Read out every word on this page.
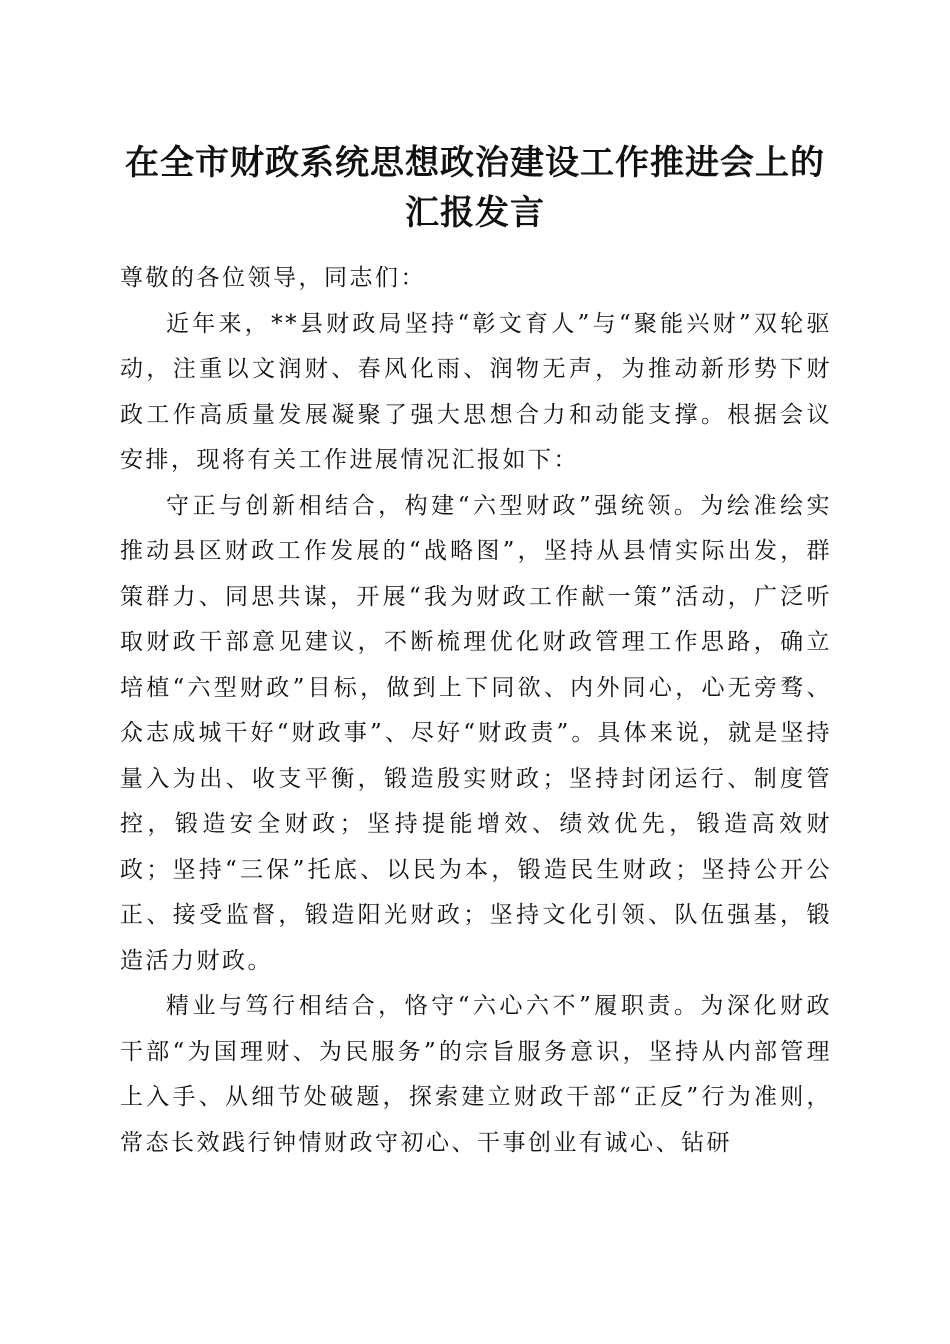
在全市财政系统思想政治建设工作推进会上的
汇报发言

尊敬的各位领导，同志们：

近年来，**县财政局坚持“彰文育人”与“聚能兴财”双轮驱动，注重以文润财、春风化雨、润物无声，为推动新形势下财政工作高质量发展凝聚了强大思想合力和动能支撑。根据会议安排，现将有关工作进展情况汇报如下：

守正与创新相结合，构建“六型财政”强统领。为绘准绘实推动县区财政工作发展的“战略图”，坚持从县情实际出发，群策群力、同思共谋，开展“我为财政工作献一策”活动，广泛听取财政干部意见建议，不断梳理优化财政管理工作思路，确立培植“六型财政”目标，做到上下同欲、内外同心，心无旁骛、众志成城干好“财政事”、尽好“财政责”。具体来说，就是坚持量入为出、收支平衡，锻造殷实财政；坚持封闭运行、制度管控，锻造安全财政；坚持提能增效、绩效优先，锻造高效财政；坚持“三保”托底、以民为本，锻造民生财政；坚持公开公正、接受监督，锻造阳光财政；坚持文化引领、队伍强基，锻造活力财政。

精业与笃行相结合，恪守“六心六不”履职责。为深化财政干部“为国理财、为民服务”的宗旨服务意识，坚持从内部管理上入手、从细节处破题，探索建立财政干部“正反”行为准则，常态长效践行钟情财政守初心、干事创业有诚心、钻研
